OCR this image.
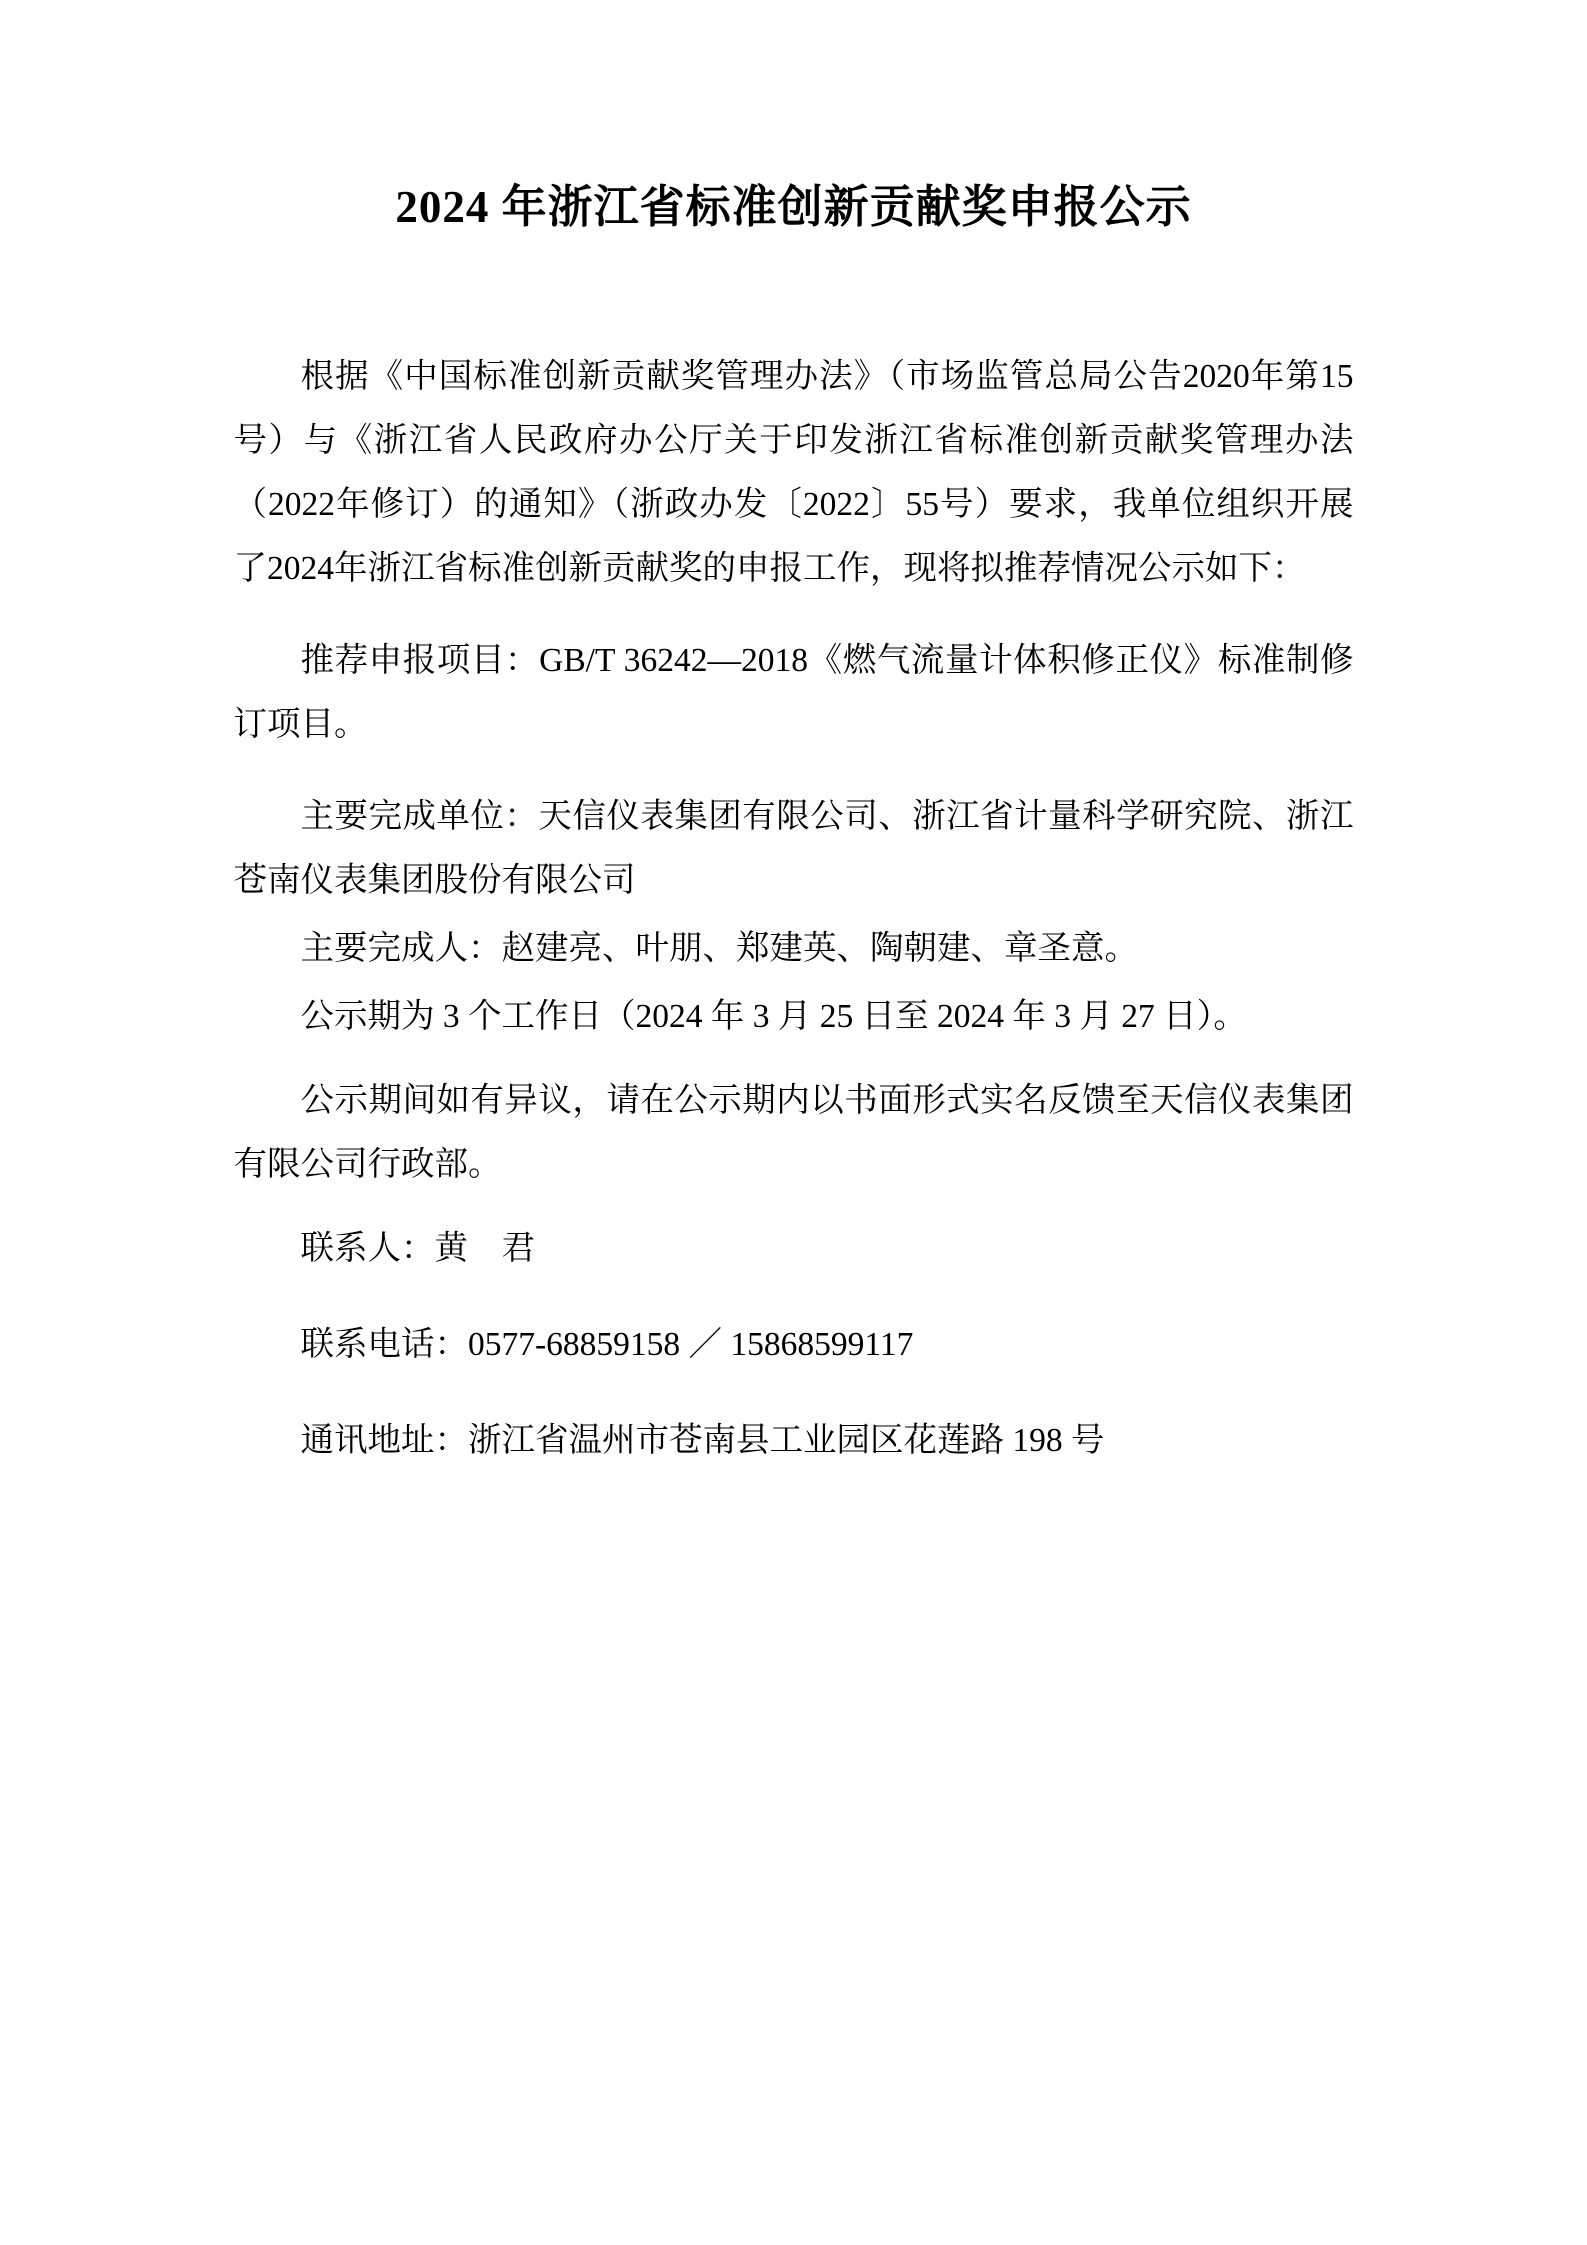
2024 年浙江省标准创新贡献奖申报公示

根据《中国标准创新贡献奖管理办法》（市场监管总局公告2020年第15号）与《浙江省人民政府办公厅关于印发浙江省标准创新贡献奖管理办法（2022年修订）的通知》（浙政办发〔2022〕55号）要求，我单位组织开展了2024年浙江省标准创新贡献奖的申报工作，现将拟推荐情况公示如下：

推荐申报项目：GB/T 36242—2018《燃气流量计体积修正仪》标准制修订项目。

主要完成单位：天信仪表集团有限公司、浙江省计量科学研究院、浙江苍南仪表集团股份有限公司

主要完成人：赵建亮、叶朋、郑建英、陶朝建、章圣意。

公示期为 3 个工作日（2024 年 3 月 25 日至 2024 年 3 月 27 日）。

公示期间如有异议，请在公示期内以书面形式实名反馈至天信仪表集团有限公司行政部。

联系人：黄　君

联系电话：0577-68859158 ／ 15868599117

通讯地址：浙江省温州市苍南县工业园区花莲路 198 号
